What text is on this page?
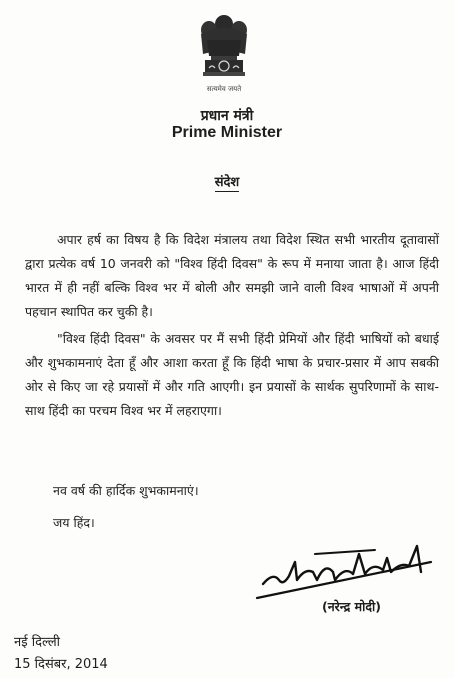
सत्यमेव जयते
प्रधान मंत्री
Prime Minister
संदेश

अपार हर्ष का विषय है कि विदेश मंत्रालय तथा विदेश स्थित सभी भारतीय दूतावासों द्वारा प्रत्येक वर्ष 10 जनवरी को "विश्व हिंदी दिवस" के रूप में मनाया जाता है। आज हिंदी भारत में ही नहीं बल्कि विश्व भर में बोली और समझी जाने वाली विश्व भाषाओं में अपनी पहचान स्थापित कर चुकी है।

"विश्व हिंदी दिवस" के अवसर पर मैं सभी हिंदी प्रेमियों और हिंदी भाषियों को बधाई और शुभकामनाएं देता हूँ और आशा करता हूँ कि हिंदी भाषा के प्रचार-प्रसार में आप सबकी ओर से किए जा रहे प्रयासों में और गति आएगी। इन प्रयासों के सार्थक सुपरिणामों के साथ-साथ हिंदी का परचम विश्व भर में लहराएगा।

नव वर्ष की हार्दिक शुभकामनाएं।
जय हिंद।
(नरेन्द्र मोदी)
नई दिल्ली
15 दिसंबर, 2014
